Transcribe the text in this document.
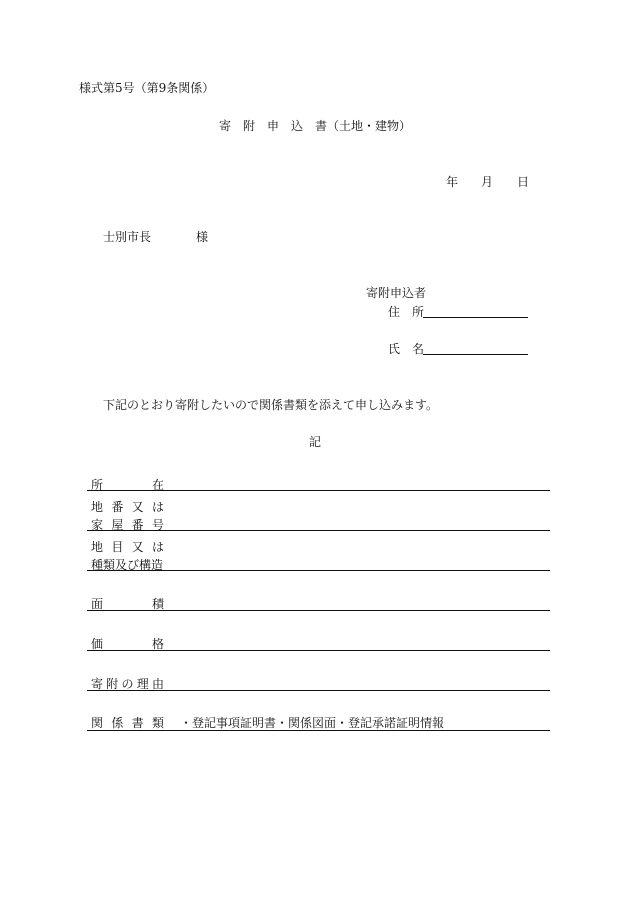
様式第5号（第9条関係）
寄　附　申　込　書（土地・建物）
年 月 日
士別市長	様
寄附申込者
住　所
氏　名
下記のとおり寄附したいので関係書類を添えて申し込みます。
記
所	在
地 番 又 は
家 屋 番 号
地 目 又 は
種類及び構造
面	積
価	格
寄 附 の 理 由
関 係 書 類 ・登記事項証明書・関係図面・登記承諾証明情報
